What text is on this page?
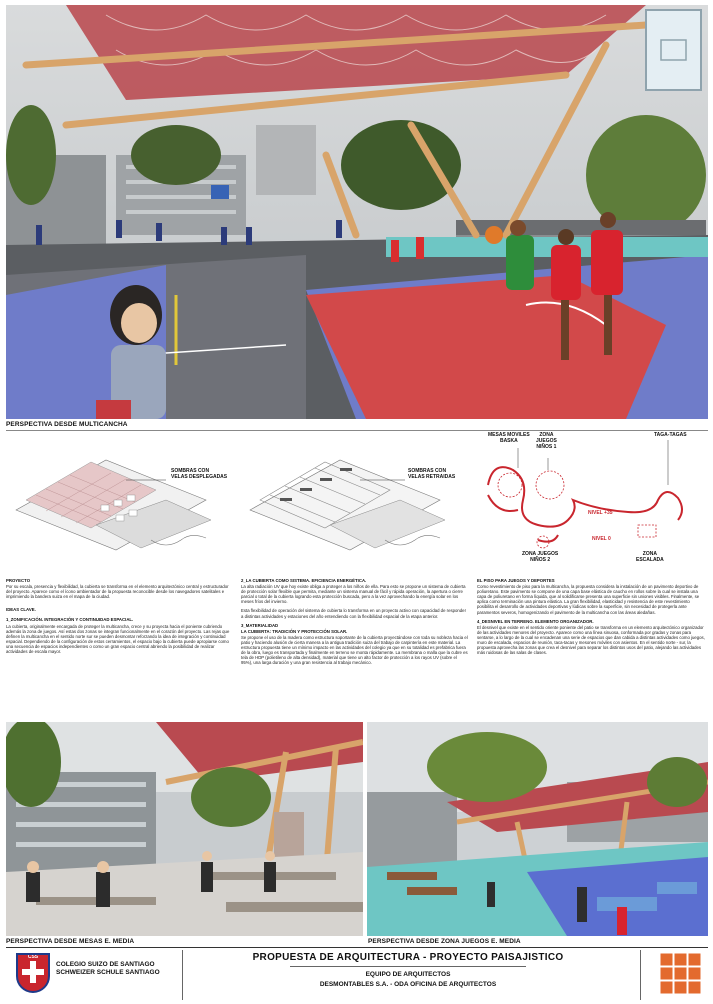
PERSPECTIVA DESDE MULTICANCHA
SOMBRAS CON
VELAS DESPLEGADAS
SOMBRAS CON
VELAS RETRAIDAS
MESAS MOVILES
BASKA
ZONA
JUEGOS
NIÑOS 1
TAGA-TAGAS
NIVEL +35
NIVEL 0
ZONA JUEGOS
NIÑOS 2
ZONA
ESCALADA
PROYECTO
Por su escala, presencia y flexibilidad, la cubierta se transforma en el elemento arquitectónico central y estructurador del proyecto. Aparece como el ícono ambientador de la propuesta reconocible desde los navegadores satelitales e imprimiendo la bandera suiza en el mapa de la ciudad.
IDEAS CLAVE.
1_ZONIFICACIÓN. INTEGRACIÓN Y CONTINUIDAD ESPACIAL.
La cubierta, originalmente encargada de proteger la multicancha, crece y su proyecta hacia el poniente cubriendo además la zona de juegos. Así estas dos zonas se integran funcionalmente en el corazón del proyecto. Las rejas que definen la multicancha en el sentido norte sur se pueden desmontar reforzando la idea de integración y continuidad espacial. Dependiendo de la configuración de estos cerramientos, el espacio bajo la cubierta puede apropiarse como una secuencia de espacios independientes o como un gran espacio central abriendo la posibilidad de realizar actividades de escala mayor.
2_LA CUBIERTA COMO SISTEMA. EFICIENCIA ENERGÉTICA.
La alta radiación UV que hoy existe obliga a proteger a los niños de ella. Para esto se propone un sistema de cubierta de protección solar flexible que permita, mediante un sistema manual de fácil y rápida operación, la apertura o cierre parcial o total de la cubierta logrando esta protección buscada, pero a la vez aprovechando la energía solar en los meses fríos del invierno.
Esta flexibilidad de operación del sistema de cubierta lo transforma en un proyecto activo con capacidad de responder a distintas actividades y estaciones del año entendiendo con la flexibilidad espacial de la etapa anterior.
3_MATERIALIDAD
LA CUBIERTA: TRADICIÓN Y PROTECCIÓN SOLAR.
Se propone el uso de la madera como estructura soportante de la cubierta proyectándose con toda su nobleza hacia el patio y haciendo alusión de cierta manera a la antigua tradición suiza del trabajo de carpintería en este material. La estructura propuesta tiene un mínimo impacto en las actividades del colegio ya que en su totalidad es prefabrica fuera de la obra, luego es transportada y finalmente en terreno se monta rápidamente. La membrana o malla que la cubre es tela de HDP (polietileno de alta densidad), material que tiene un alto factor de protección a los rayos UV (sobre el 95%), una larga duración y una gran resistencia al trabajo mecánico.
EL PISO PARA JUEGOS Y DEPORTES
Como revestimiento de piso para la multicancha, la propuesta considera la instalación de un pavimento deportivo de poliuretano. Este pavimento se compone de una capa base elástica de caucho en rollos sobre la cual se instala una capa de poliuretano en forma líquida, que al solidificarse presenta una superficie sin uniones visibles. Finalmente, se aplica como terminación una pintura elástica. La gran flexibilidad, elasticidad y resistencia de este revestimiento posibilita el desarrollo de actividades deportivas y lúdicas sobre la superficie, sin necesidad de protegerla ante paramentos severos, homogenizando el pavimento de la multicancha con las áreas aledañas.
4_DESNIVEL EN TERRENO. ELEMENTO ORGANIZADOR.
El desnivel que existe en el sentido oriente poniente del patio se transforma en un elemento arquitectónico organizador de las actividades menores del proyecto. Aparece como una línea sinuosa, conformada por gradas y zonas para sentarse, a lo largo de la cual se encadenan una serie de espacios que dan cabida a distintas actividades como juegos, muro de escalada, espacios de reunión, taca-tacas y mesones móviles con asientos. En el sentido norte - sur, la propuesta aprovecha las zonas que crea el desnivel para separar los distintos usos del patio, alejando las actividades más ruidosas de las salas de clases.
PERSPECTIVA DESDE MESAS E. MEDIA	PERSPECTIVA DESDE ZONA JUEGOS E. MEDIA
CSS
COLEGIO SUIZO DE SANTIAGO
SCHWEIZER SCHULE SANTIAGO
PROPUESTA DE ARQUITECTURA - PROYECTO PAISAJISTICO
EQUIPO DE ARQUITECTOS
DESMONTABLES S.A. - ODA OFICINA DE ARQUITECTOS
